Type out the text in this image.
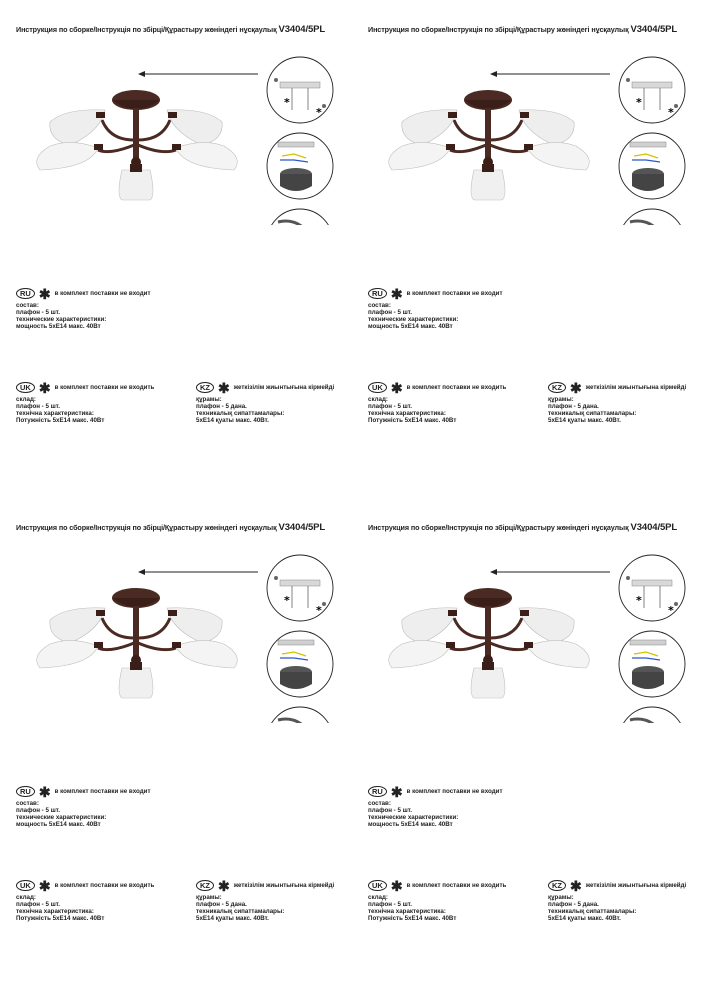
Инструкция по сборке/Інструкція по збірці/Құрастыру жөніндегі нұсқаулық V3404/5PL
*
*
RU ✱ в комплект поставки не входит
состав:
плафон - 5 шт.
технические характеристики:
мощность 5xE14 макс. 40Вт
UK ✱ в комплект поставки не входить
склад:
плафон - 5 шт.
технічна характеристика:
Потужність 5xE14 макс. 40Вт
KZ ✱ жеткізілім жиынтығына кірмейді
құрамы:
плафон - 5 дана.
техникалық сипаттамалары:
5xE14 қуаты макс. 40Вт.
Инструкция по сборке/Інструкція по збірці/Құрастыру жөніндегі нұсқаулық V3404/5PL
*
*
RU ✱ в комплект поставки не входит
состав:
плафон - 5 шт.
технические характеристики:
мощность 5xE14 макс. 40Вт
UK ✱ в комплект поставки не входить
склад:
плафон - 5 шт.
технічна характеристика:
Потужність 5xE14 макс. 40Вт
KZ ✱ жеткізілім жиынтығына кірмейді
құрамы:
плафон - 5 дана.
техникалық сипаттамалары:
5xE14 қуаты макс. 40Вт.
Инструкция по сборке/Інструкція по збірці/Құрастыру жөніндегі нұсқаулық V3404/5PL
*
*
RU ✱ в комплект поставки не входит
состав:
плафон - 5 шт.
технические характеристики:
мощность 5xE14 макс. 40Вт
UK ✱ в комплект поставки не входить
склад:
плафон - 5 шт.
технічна характеристика:
Потужність 5xE14 макс. 40Вт
KZ ✱ жеткізілім жиынтығына кірмейді
құрамы:
плафон - 5 дана.
техникалық сипаттамалары:
5xE14 қуаты макс. 40Вт.
Инструкция по сборке/Інструкція по збірці/Құрастыру жөніндегі нұсқаулық V3404/5PL
*
*
RU ✱ в комплект поставки не входит
состав:
плафон - 5 шт.
технические характеристики:
мощность 5xE14 макс. 40Вт
UK ✱ в комплект поставки не входить
склад:
плафон - 5 шт.
технічна характеристика:
Потужність 5xE14 макс. 40Вт
KZ ✱ жеткізілім жиынтығына кірмейді
құрамы:
плафон - 5 дана.
техникалық сипаттамалары:
5xE14 қуаты макс. 40Вт.
